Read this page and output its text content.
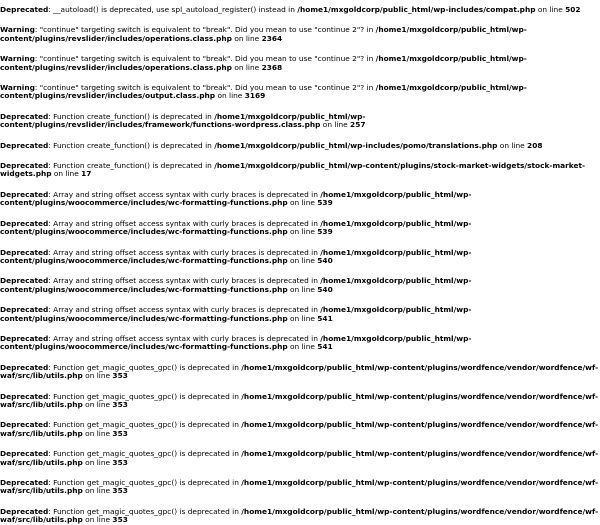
Deprecated: __autoload() is deprecated, use spl_autoload_register() instead in /home1/mxgoldcorp/public_html/wp-includes/compat.php on line 502

Warning: "continue" targeting switch is equivalent to "break". Did you mean to use "continue 2"? in /home1/mxgoldcorp/public_html/wp-content/plugins/revslider/includes/operations.class.php on line 2364

Warning: "continue" targeting switch is equivalent to "break". Did you mean to use "continue 2"? in /home1/mxgoldcorp/public_html/wp-content/plugins/revslider/includes/operations.class.php on line 2368

Warning: "continue" targeting switch is equivalent to "break". Did you mean to use "continue 2"? in /home1/mxgoldcorp/public_html/wp-content/plugins/revslider/includes/output.class.php on line 3169

Deprecated: Function create_function() is deprecated in /home1/mxgoldcorp/public_html/wp-content/plugins/revslider/includes/framework/functions-wordpress.class.php on line 257

Deprecated: Function create_function() is deprecated in /home1/mxgoldcorp/public_html/wp-includes/pomo/translations.php on line 208

Deprecated: Function create_function() is deprecated in /home1/mxgoldcorp/public_html/wp-content/plugins/stock-market-widgets/stock-market-widgets.php on line 17

Deprecated: Array and string offset access syntax with curly braces is deprecated in /home1/mxgoldcorp/public_html/wp-content/plugins/woocommerce/includes/wc-formatting-functions.php on line 539

Deprecated: Array and string offset access syntax with curly braces is deprecated in /home1/mxgoldcorp/public_html/wp-content/plugins/woocommerce/includes/wc-formatting-functions.php on line 539

Deprecated: Array and string offset access syntax with curly braces is deprecated in /home1/mxgoldcorp/public_html/wp-content/plugins/woocommerce/includes/wc-formatting-functions.php on line 540

Deprecated: Array and string offset access syntax with curly braces is deprecated in /home1/mxgoldcorp/public_html/wp-content/plugins/woocommerce/includes/wc-formatting-functions.php on line 540

Deprecated: Array and string offset access syntax with curly braces is deprecated in /home1/mxgoldcorp/public_html/wp-content/plugins/woocommerce/includes/wc-formatting-functions.php on line 541

Deprecated: Array and string offset access syntax with curly braces is deprecated in /home1/mxgoldcorp/public_html/wp-content/plugins/woocommerce/includes/wc-formatting-functions.php on line 541

Deprecated: Function get_magic_quotes_gpc() is deprecated in /home1/mxgoldcorp/public_html/wp-content/plugins/wordfence/vendor/wordfence/wf-waf/src/lib/utils.php on line 353

Deprecated: Function get_magic_quotes_gpc() is deprecated in /home1/mxgoldcorp/public_html/wp-content/plugins/wordfence/vendor/wordfence/wf-waf/src/lib/utils.php on line 353

Deprecated: Function get_magic_quotes_gpc() is deprecated in /home1/mxgoldcorp/public_html/wp-content/plugins/wordfence/vendor/wordfence/wf-waf/src/lib/utils.php on line 353

Deprecated: Function get_magic_quotes_gpc() is deprecated in /home1/mxgoldcorp/public_html/wp-content/plugins/wordfence/vendor/wordfence/wf-waf/src/lib/utils.php on line 353

Deprecated: Function get_magic_quotes_gpc() is deprecated in /home1/mxgoldcorp/public_html/wp-content/plugins/wordfence/vendor/wordfence/wf-waf/src/lib/utils.php on line 353

Deprecated: Function get_magic_quotes_gpc() is deprecated in /home1/mxgoldcorp/public_html/wp-content/plugins/wordfence/vendor/wordfence/wf-waf/src/lib/utils.php on line 353
